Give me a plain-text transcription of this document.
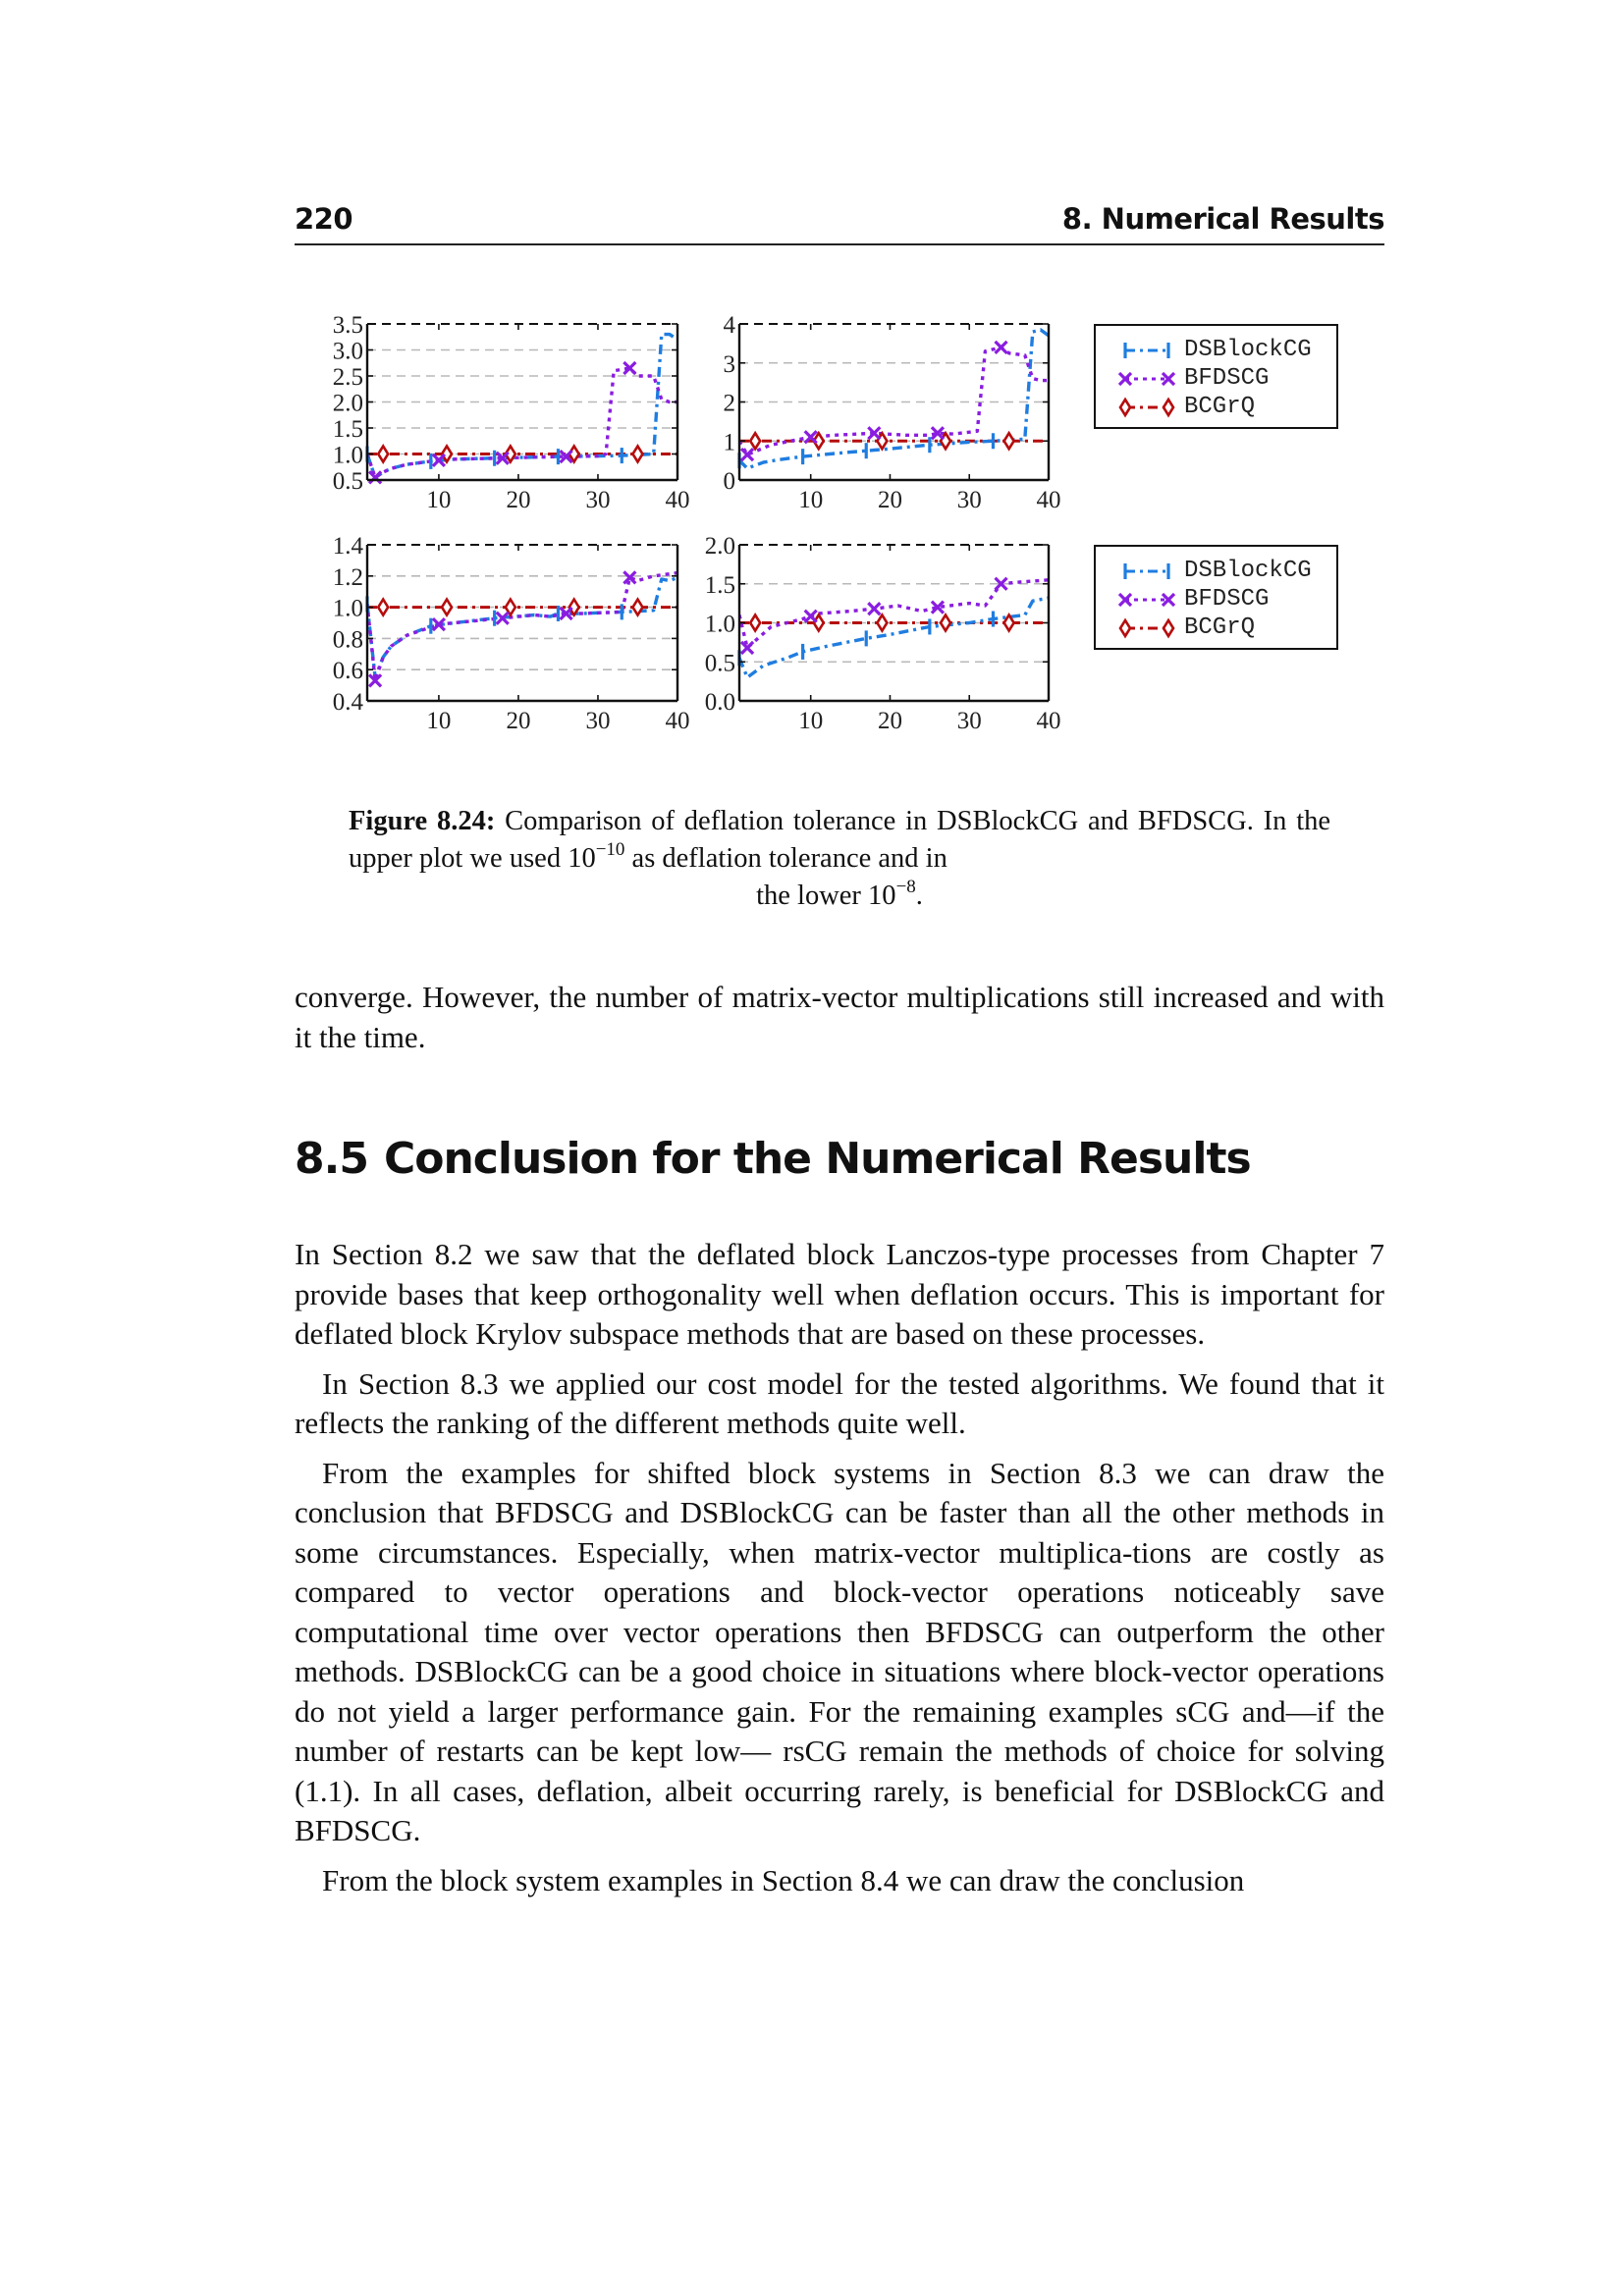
220	8. Numerical Results
10 20 30 40
0.5
1.0
1.5
2.0
2.5
3.0
3.5
10 20 30 40
0
1
2
3
4
10 20 30 40
0.4
0.6
0.8
1.0
1.2
1.4
10 20 30 40
0.0
0.5
1.0
1.5
2.0
DSBlockCG
BFDSCG
BCGrQ
DSBlockCG
BFDSCG
BCGrQ
Figure 8.24: Comparison of deflation tolerance in DSBlockCG and BFDSCG. In the upper plot we used $10^{-10}$ as deflation tolerance and in
the lower $10^{-8}$.

converge. However, the number of matrix-vector multiplications still increased and with it the time.

8.5 Conclusion for the Numerical Results

In Section 8.2 we saw that the deflated block Lanczos-type processes from Chapter 7 provide bases that keep orthogonality well when deflation occurs. This is important for deflated block Krylov subspace methods that are based on these processes.

In Section 8.3 we applied our cost model for the tested algorithms. We found that it reflects the ranking of the different methods quite well.

From the examples for shifted block systems in Section 8.3 we can draw the conclusion that BFDSCG and DSBlockCG can be faster than all the other methods in some circumstances. Especially, when matrix-vector multiplica-tions are costly as compared to vector operations and block-vector operations noticeably save computational time over vector operations then BFDSCG can outperform the other methods. DSBlockCG can be a good choice in situations where block-vector operations do not yield a larger performance gain. For the remaining examples sCG and—if the number of restarts can be kept low— rsCG remain the methods of choice for solving (1.1). In all cases, deflation, albeit occurring rarely, is beneficial for DSBlockCG and BFDSCG.

From the block system examples in Section 8.4 we can draw the conclusion
